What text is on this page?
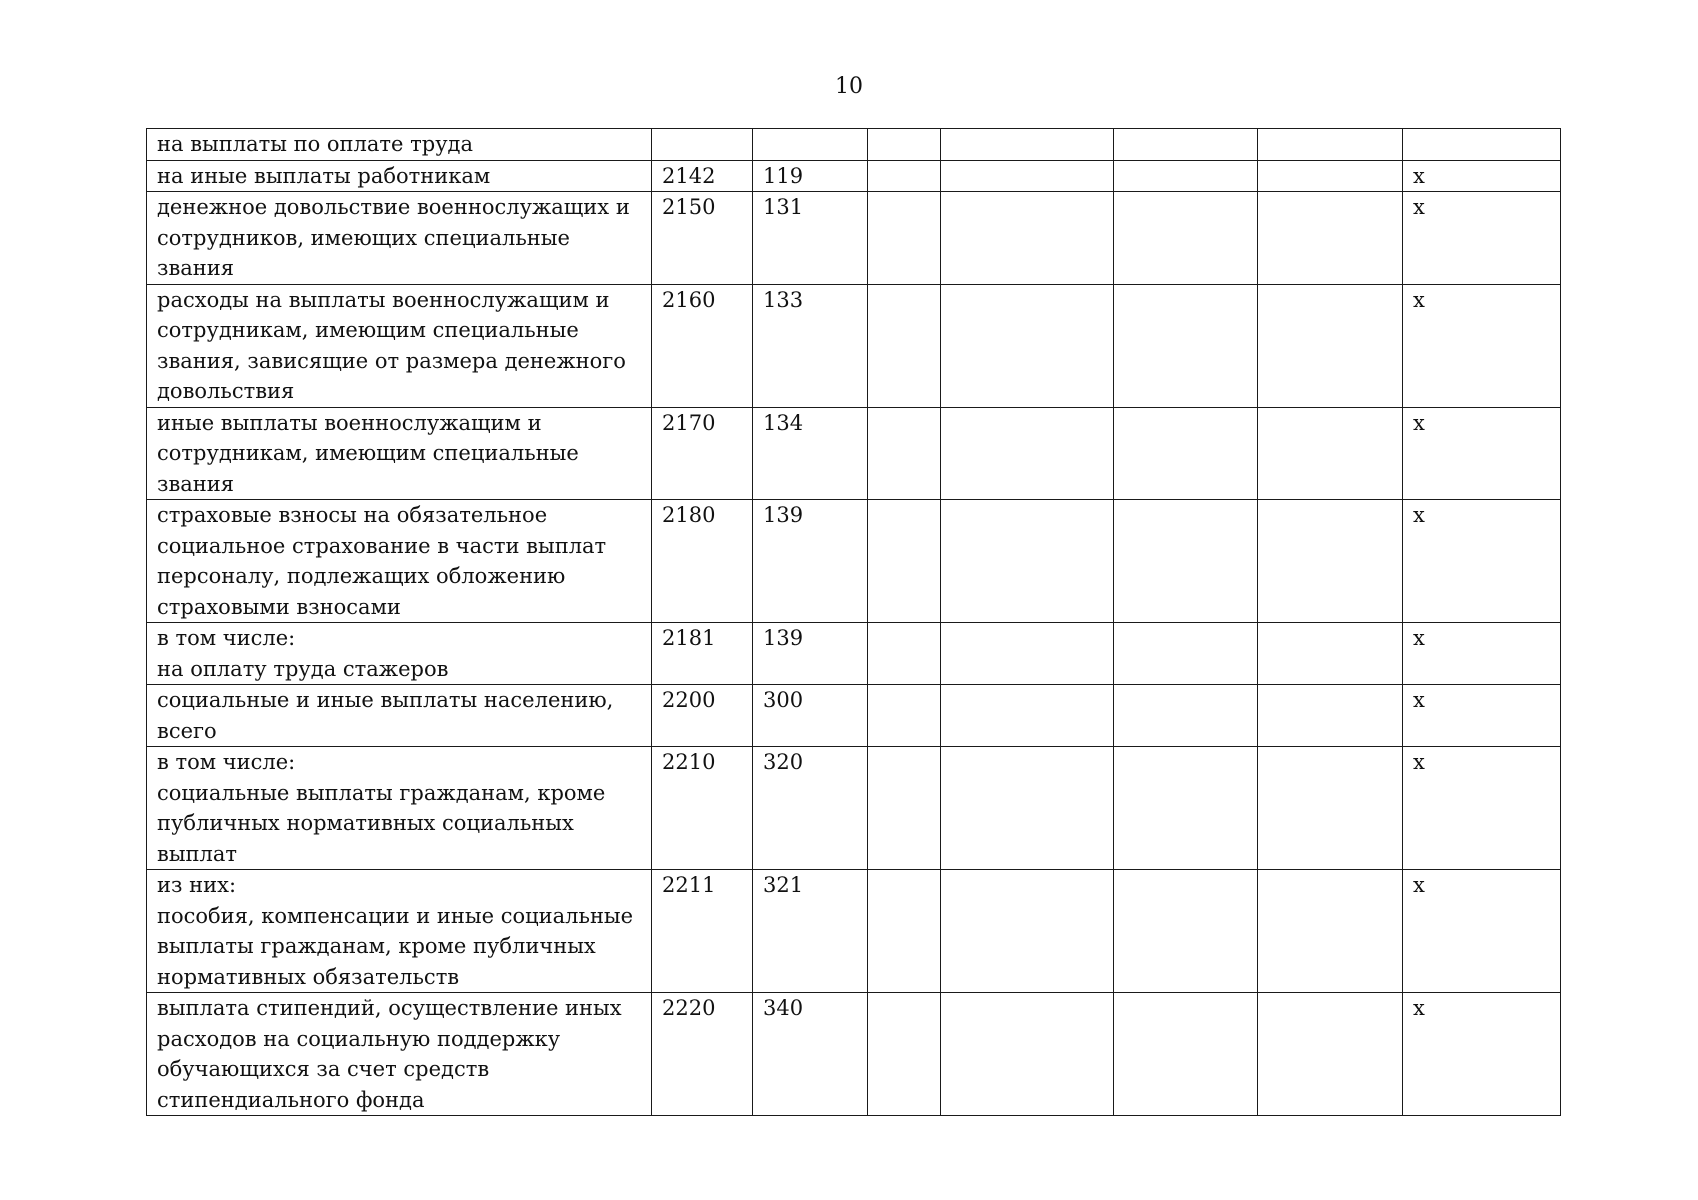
10
на выплаты по оплате труда							
на иные выплаты работникам	2142	119					x
денежное довольствие военнослужащих и
сотрудников, имеющих специальные
звания	2150	131					x
расходы на выплаты военнослужащим и
сотрудникам, имеющим специальные
звания, зависящие от размера денежного
довольствия	2160	133					x
иные выплаты военнослужащим и
сотрудникам, имеющим специальные
звания	2170	134					x
страховые взносы на обязательное
социальное страхование в части выплат
персоналу, подлежащих обложению
страховыми взносами	2180	139					x
в том числе:
на оплату труда стажеров	2181	139					x
социальные и иные выплаты населению,
всего	2200	300					x
в том числе:
социальные выплаты гражданам, кроме
публичных нормативных социальных
выплат	2210	320					x
из них:
пособия, компенсации и иные социальные
выплаты гражданам, кроме публичных
нормативных обязательств	2211	321					x
выплата стипендий, осуществление иных
расходов на социальную поддержку
обучающихся за счет средств
стипендиального фонда	2220	340					x
